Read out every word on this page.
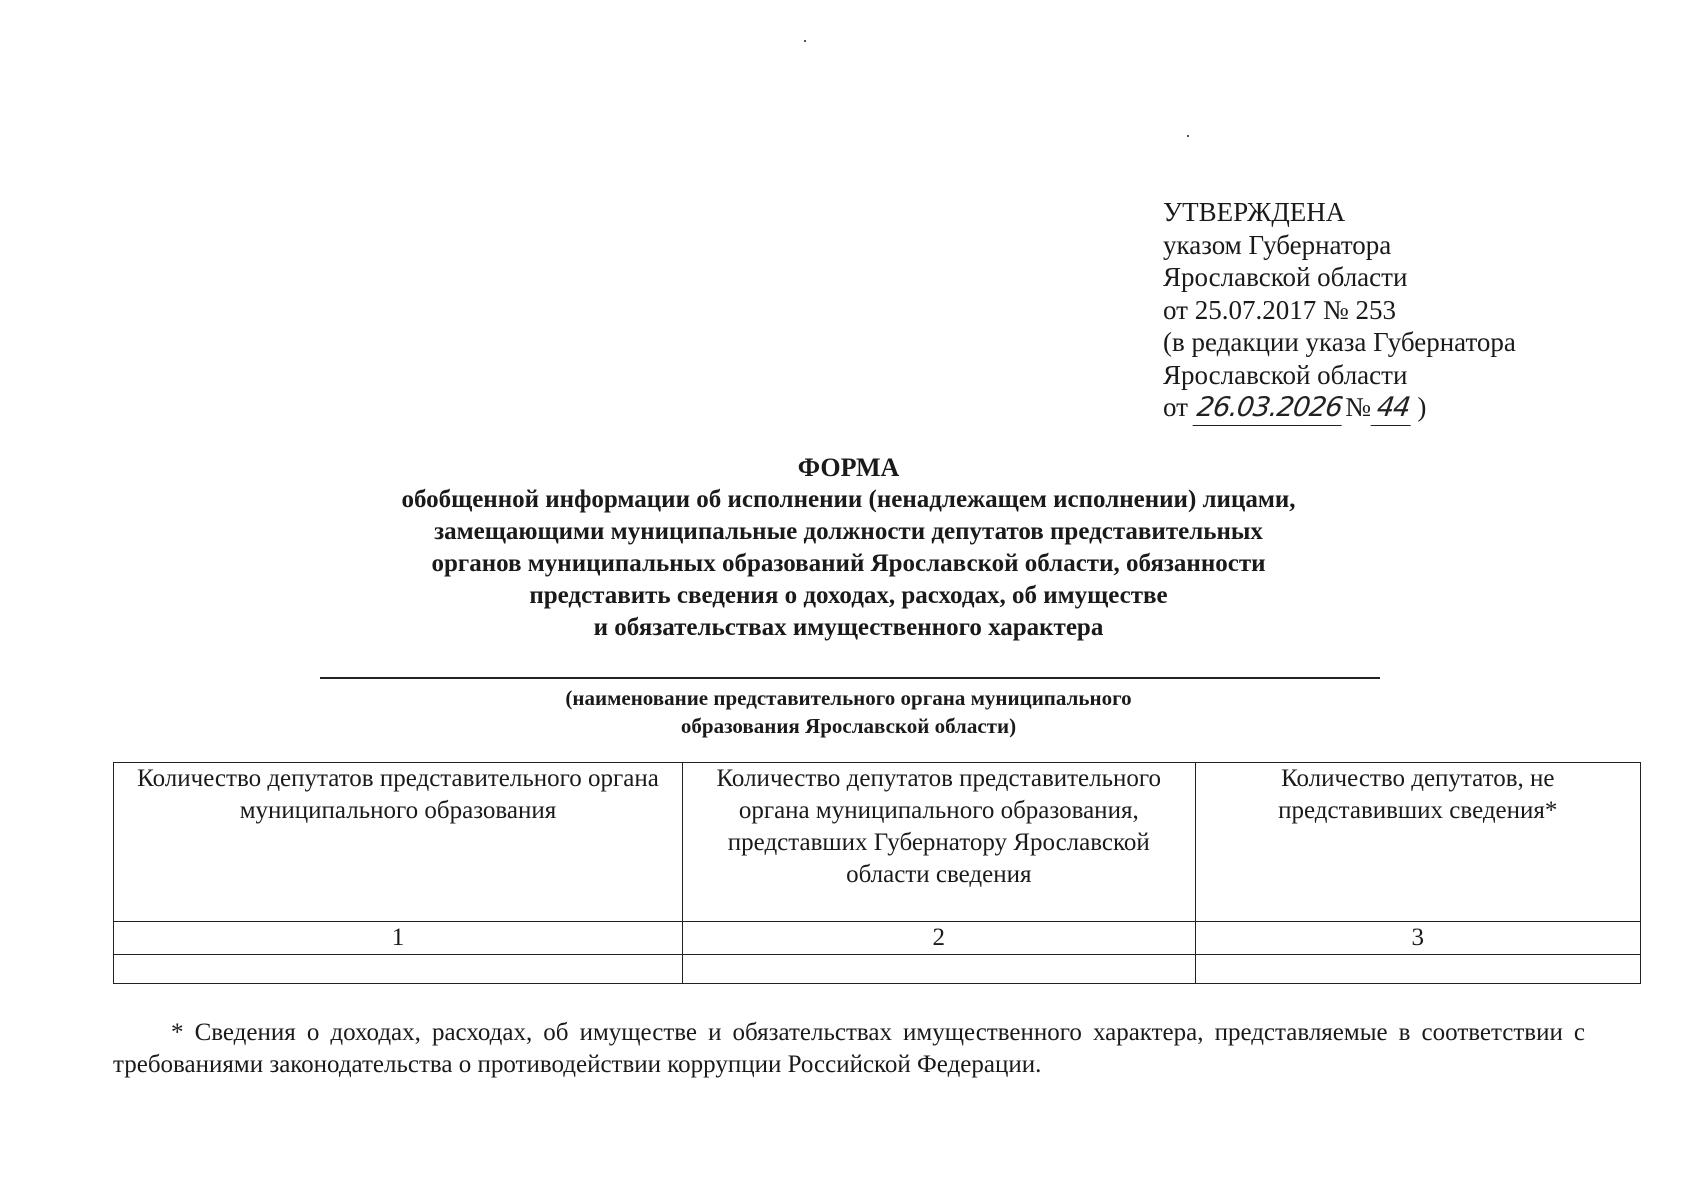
УТВЕРЖДЕНА
указом Губернатора
Ярославской области
от 25.07.2017 № 253
(в редакции указа Губернатора
Ярославской области
от 26.03.2026№ 44 )
ФОРМА
обобщенной информации об исполнении (ненадлежащем исполнении) лицами,
замещающими муниципальные должности депутатов представительных
органов муниципальных образований Ярославской области, обязанности
представить сведения о доходах, расходах, об имуществе
и обязательствах имущественного характера
(наименование представительного органа муниципального
образования Ярославской области)
Количество депутатов представительного органа муниципального образования	Количество депутатов представительного органа муниципального образования, представших Губернатору Ярославской области сведения	Количество депутатов, не представивших сведения*
1	2	3

* Сведения о доходах, расходах, об имуществе и обязательствах имущественного характера, представляемые в соответствии с требованиями законодательства о противодействии коррупции Российской Федерации.
